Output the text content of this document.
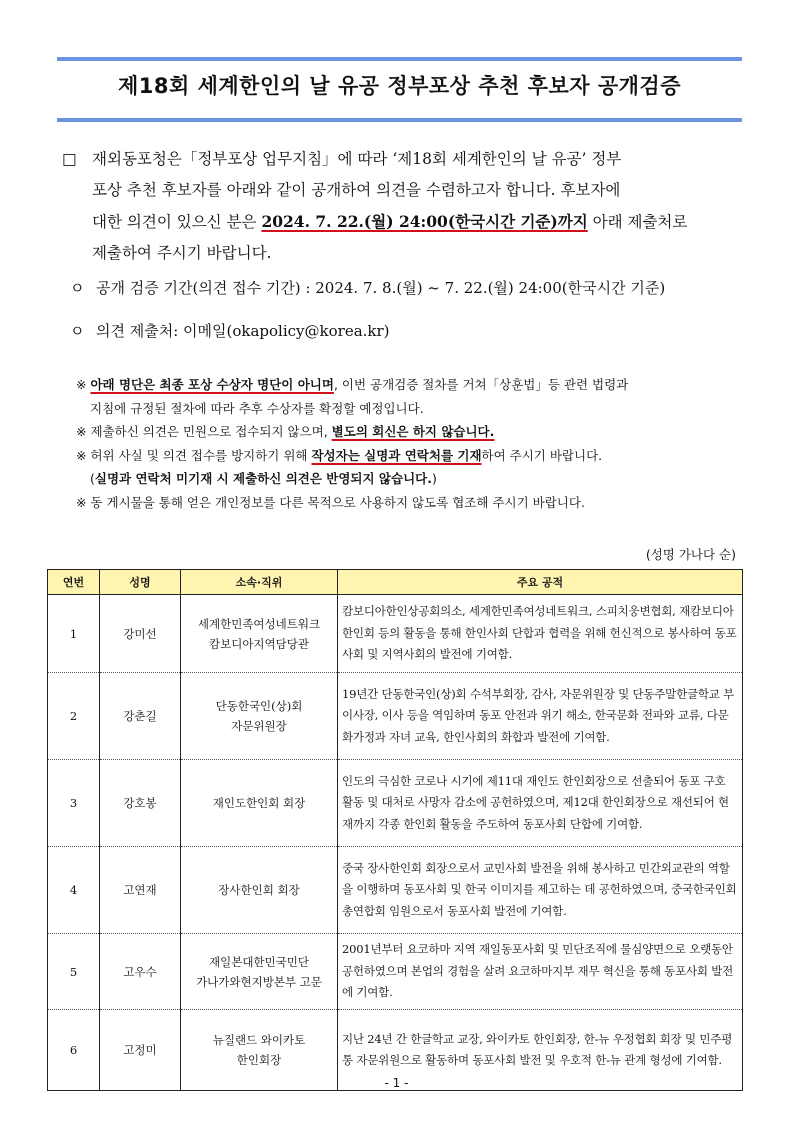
제18회 세계한인의 날 유공 정부포상 추천 후보자 공개검증
□ 재외동포청은「정부포상 업무지침」에 따라 ‘제18회 세계한인의 날 유공’ 정부
포상 추천 후보자를 아래와 같이 공개하여 의견을 수렴하고자 합니다. 후보자에
대한 의견이 있으신 분은 2024. 7. 22.(월) 24:00(한국시간 기준)까지 아래 제출처로
제출하여 주시기 바랍니다.
ㅇ 공개 검증 기간(의견 접수 기간) : 2024. 7. 8.(월) ~ 7. 22.(월) 24:00(한국시간 기준)
ㅇ 의견 제출처: 이메일(okapolicy@korea.kr)
※ 아래 명단은 최종 포상 수상자 명단이 아니며, 이번 공개검증 절차를 거쳐「상훈법」등 관련 법령과
지침에 규정된 절차에 따라 추후 수상자를 확정할 예정입니다.
※ 제출하신 의견은 민원으로 접수되지 않으며, 별도의 회신은 하지 않습니다.
※ 허위 사실 및 의견 접수를 방지하기 위해 작성자는 실명과 연락처를 기재하여 주시기 바랍니다.
(실명과 연락처 미기재 시 제출하신 의견은 반영되지 않습니다.)
※ 동 게시물을 통해 얻은 개인정보를 다른 목적으로 사용하지 않도록 협조해 주시기 바랍니다.
(성명 가나다 순)
연번	성명	소속·직위	주요 공적
1	강미선	세계한민족여성네트워크
캄보디아지역담당관	캄보디아한인상공회의소, 세계한민족여성네트워크, 스피치웅변협회, 재캄보디아한인회 등의 활동을 통해 한인사회 단합과 협력을 위해 헌신적으로 봉사하여 동포사회 및 지역사회의 발전에 기여함.
2	강춘길	단동한국인(상)회
자문위원장	19년간 단동한국인(상)회 수석부회장, 감사, 자문위원장 및 단동주말한글학교 부이사장, 이사 등을 역임하며 동포 안전과 위기 해소, 한국문화 전파와 교류, 다문화가정과 자녀 교육, 한인사회의 화합과 발전에 기여함.
3	강호봉	재인도한인회 회장	인도의 극심한 코로나 시기에 제11대 재인도 한인회장으로 선출되어 동포 구호 활동 및 대처로 사망자 감소에 공헌하였으며, 제12대 한인회장으로 재선되어 현재까지 각종 한인회 활동을 주도하여 동포사회 단합에 기여함.
4	고연재	장사한인회 회장	중국 장사한인회 회장으로서 교민사회 발전을 위해 봉사하고 민간외교관의 역할을 이행하며 동포사회 및 한국 이미지를 제고하는 데 공헌하였으며, 중국한국인회 총연합회 임원으로서 동포사회 발전에 기여함.
5	고우수	재일본대한민국민단
가나가와현지방본부 고문	2001년부터 요코하마 지역 재일동포사회 및 민단조직에 물심양면으로 오랫동안 공헌하였으며 본업의 경험을 살려 요코하마지부 재무 혁신을 통해 동포사회 발전에 기여함.
6	고정미	뉴질랜드 와이카토
한인회장	지난 24년 간 한글학교 교장, 와이카토 한인회장, 한-뉴 우정협회 회장 및 민주평통 자문위원으로 활동하며 동포사회 발전 및 우호적 한-뉴 관계 형성에 기여함.
- 1 -
